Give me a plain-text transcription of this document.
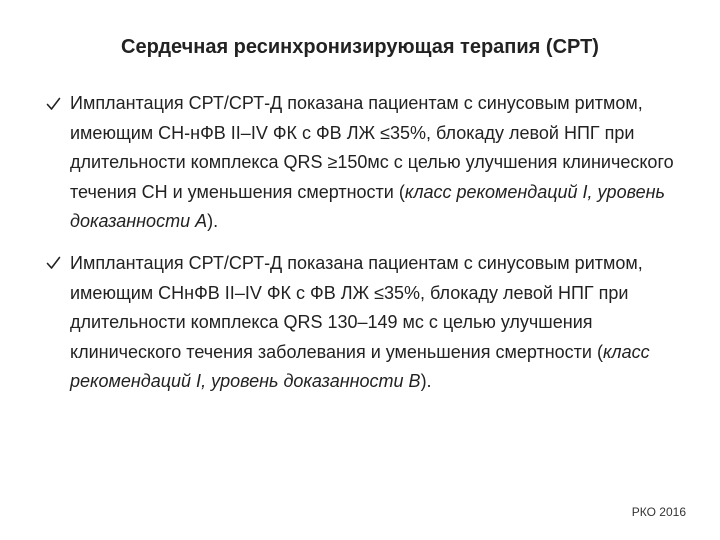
Сердечная ресинхронизирующая терапия (СРТ)
Имплантация СРТ/СРТ-Д показана пациентам с синусовым ритмом, имеющим СН-нФВ II–IV ФК с ФВ ЛЖ ≤35%, блокаду левой НПГ при длительности комплекса QRS ≥150мс с целью улучшения клинического течения СН и уменьшения смертности (класс рекомендаций I, уровень доказанности A).
Имплантация СРТ/СРТ-Д показана пациентам с синусовым ритмом, имеющим СНнФВ II–IV ФК с ФВ ЛЖ ≤35%, блокаду левой НПГ при длительности комплекса QRS 130–149 мс с целью улучшения клинического течения заболевания и уменьшения смертности (класс рекомендаций I, уровень доказанности B).
РКО 2016
